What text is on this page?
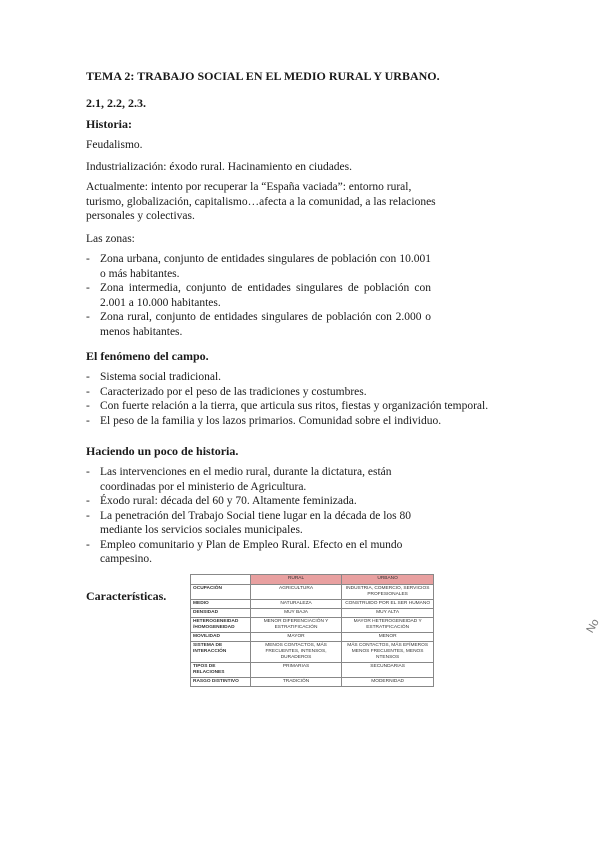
TEMA 2: TRABAJO SOCIAL EN EL MEDIO RURAL Y URBANO.
2.1, 2.2, 2.3.
Historia:

Feudalismo.

Industrialización: éxodo rural. Hacinamiento en ciudades.

Actualmente: intento por recuperar la “España vaciada”: entorno rural, turismo, globalización, capitalismo…afecta a la comunidad, a las relaciones personales y colectivas.

Las zonas:

- Zona urbana, conjunto de entidades singulares de población con 10.001 o más habitantes.
- Zona intermedia, conjunto de entidades singulares de población con 2.001 a 10.000 habitantes.
- Zona rural, conjunto de entidades singulares de población con 2.000 o menos habitantes.
El fenómeno del campo.
- Sistema social tradicional.
- Caracterizado por el peso de las tradiciones y costumbres.
- Con fuerte relación a la tierra, que articula sus ritos, fiestas y organización temporal.
- El peso de la familia y los lazos primarios. Comunidad sobre el individuo.
Haciendo un poco de historia.
- Las intervenciones en el medio rural, durante la dictatura, están coordinadas por el ministerio de Agricultura.
- Éxodo rural: década del 60 y 70. Altamente feminizada.
- La penetración del Trabajo Social tiene lugar en la década de los 80 mediante los servicios sociales municipales.
- Empleo comunitario y Plan de Empleo Rural. Efecto en el mundo campesino.
Características.
	RURAL	URBANO
OCUPACIÓN	AGRICULTURA	INDUSTRIA, COMERCIO, SERVICIOS PROFESIONALES
MEDIO	NATURALEZA	CONSTRUIDO POR EL SER HUMANO
DENSIDAD	MUY BAJA	MUY ALTA
HETEROGENEIDAD /HOMOGENEIDAD	MENOR DIFERENCIACIÓN Y ESTRATIFICACIÓN	MAYOR HETEROGENEIDAD Y ESTRATIFICACIÓN
MOVILIDAD	MAYOR	MENOR
SISTEMA DE INTERACCIÓN	MENOS CONTACTOS, MÁS FRECUENTES, INTENSOS, DURADEROS	MÁS CONTACTOS, MÁS EFÍMEROS MENOS FRECUENTES, MENOS NTENSOS
TIPOS DE RELACIONES	PRIMARIAS	SECUNDARIAS
RASGO DISTINTIVO	TRADICIÓN	MODERNIDAD
No
